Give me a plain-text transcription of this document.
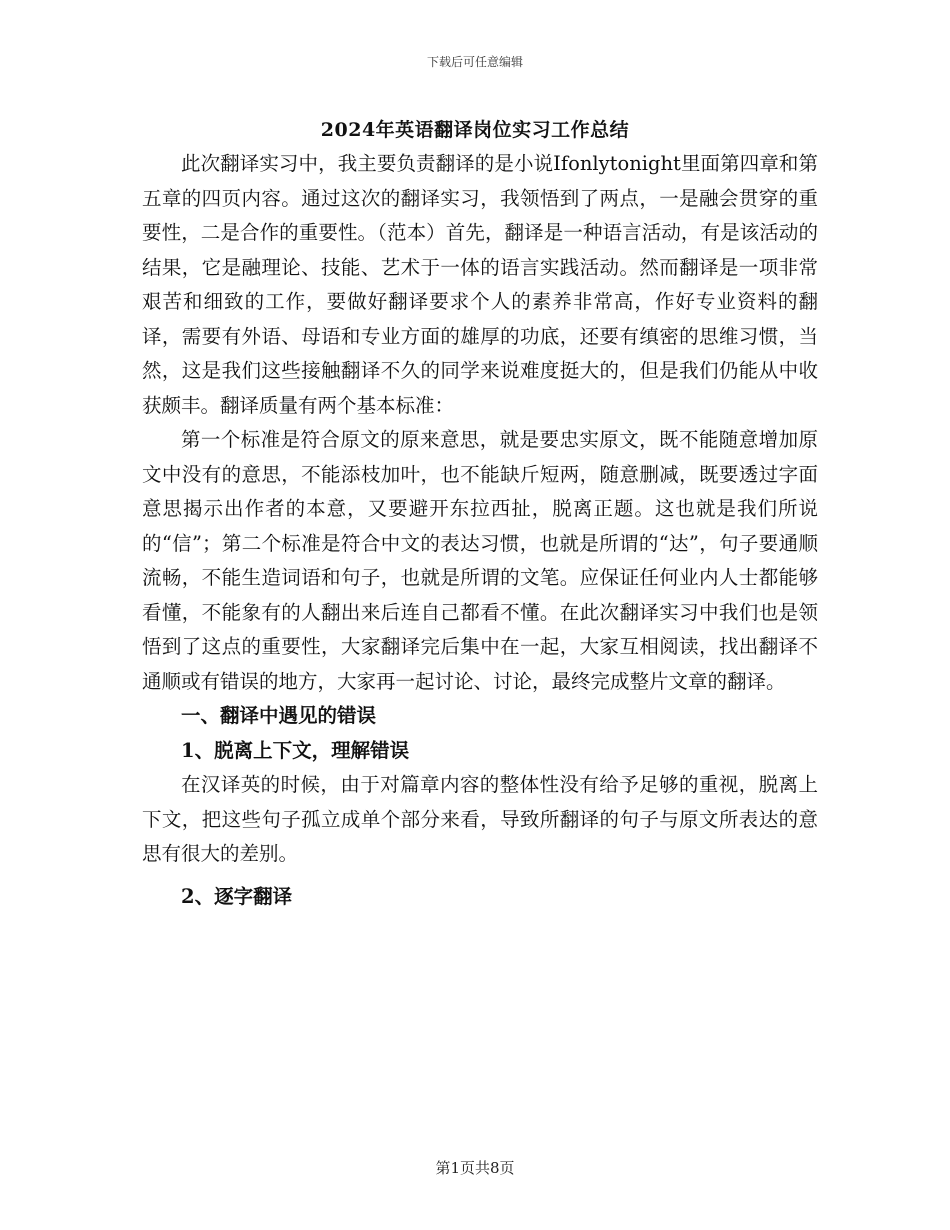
下载后可任意编辑
2024年英语翻译岗位实习工作总结

此次翻译实习中，我主要负责翻译的是小说Ifonlytonight里面第四章和第五章的四页内容。通过这次的翻译实习，我领悟到了两点，一是融会贯穿的重要性，二是合作的重要性。（范本）首先，翻译是一种语言活动，有是该活动的结果，它是融理论、技能、艺术于一体的语言实践活动。然而翻译是一项非常艰苦和细致的工作，要做好翻译要求个人的素养非常高，作好专业资料的翻译，需要有外语、母语和专业方面的雄厚的功底，还要有缜密的思维习惯，当然，这是我们这些接触翻译不久的同学来说难度挺大的，但是我们仍能从中收获颇丰。翻译质量有两个基本标准：

第一个标准是符合原文的原来意思，就是要忠实原文，既不能随意增加原文中没有的意思，不能添枝加叶，也不能缺斤短两，随意删减，既要透过字面意思揭示出作者的本意，又要避开东拉西扯，脱离正题。这也就是我们所说的“信”；第二个标准是符合中文的表达习惯，也就是所谓的“达”，句子要通顺流畅，不能生造词语和句子，也就是所谓的文笔。应保证任何业内人士都能够看懂，不能象有的人翻出来后连自己都看不懂。在此次翻译实习中我们也是领悟到了这点的重要性，大家翻译完后集中在一起，大家互相阅读，找出翻译不通顺或有错误的地方，大家再一起讨论、讨论，最终完成整片文章的翻译。

一、翻译中遇见的错误
1、脱离上下文，理解错误

在汉译英的时候，由于对篇章内容的整体性没有给予足够的重视，脱离上下文，把这些句子孤立成单个部分来看，导致所翻译的句子与原文所表达的意思有很大的差别。

2、逐字翻译
第1页共8页
